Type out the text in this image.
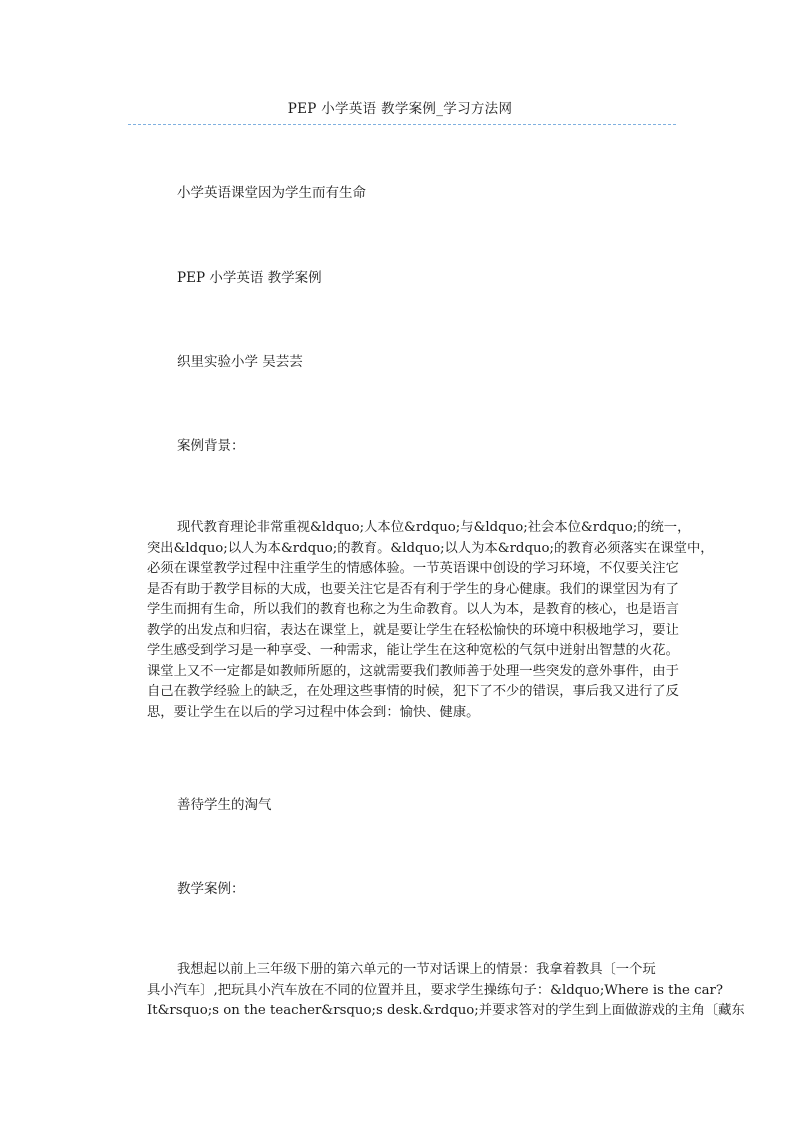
PEP 小学英语 教学案例_学习方法网
小学英语课堂因为学生而有生命
PEP 小学英语 教学案例
织里实验小学 吴芸芸
案例背景：
现代教育理论非常重视&ldquo;人本位&rdquo;与&ldquo;社会本位&rdquo;的统一，
突出&ldquo;以人为本&rdquo;的教育。&ldquo;以人为本&rdquo;的教育必须落实在课堂中，
必须在课堂教学过程中注重学生的情感体验。一节英语课中创设的学习环境，不仅要关注它
是否有助于教学目标的大成，也要关注它是否有利于学生的身心健康。我们的课堂因为有了
学生而拥有生命，所以我们的教育也称之为生命教育。以人为本，是教育的核心，也是语言
教学的出发点和归宿，表达在课堂上，就是要让学生在轻松愉快的环境中积极地学习，要让
学生感受到学习是一种享受、一种需求，能让学生在这种宽松的气氛中迸射出智慧的火花。
课堂上又不一定都是如教师所愿的，这就需要我们教师善于处理一些突发的意外事件，由于
自己在教学经验上的缺乏，在处理这些事情的时候，犯下了不少的错误，事后我又进行了反
思，要让学生在以后的学习过程中体会到：愉快、健康。
善待学生的淘气
教学案例：
我想起以前上三年级下册的第六单元的一节对话课上的情景：我拿着教具〔一个玩
具小汽车〕,把玩具小汽车放在不同的位置并且，要求学生操练句子：&ldquo;Where is the car?
It&rsquo;s on the teacher&rsquo;s desk.&rdquo;并要求答对的学生到上面做游戏的主角〔藏东
